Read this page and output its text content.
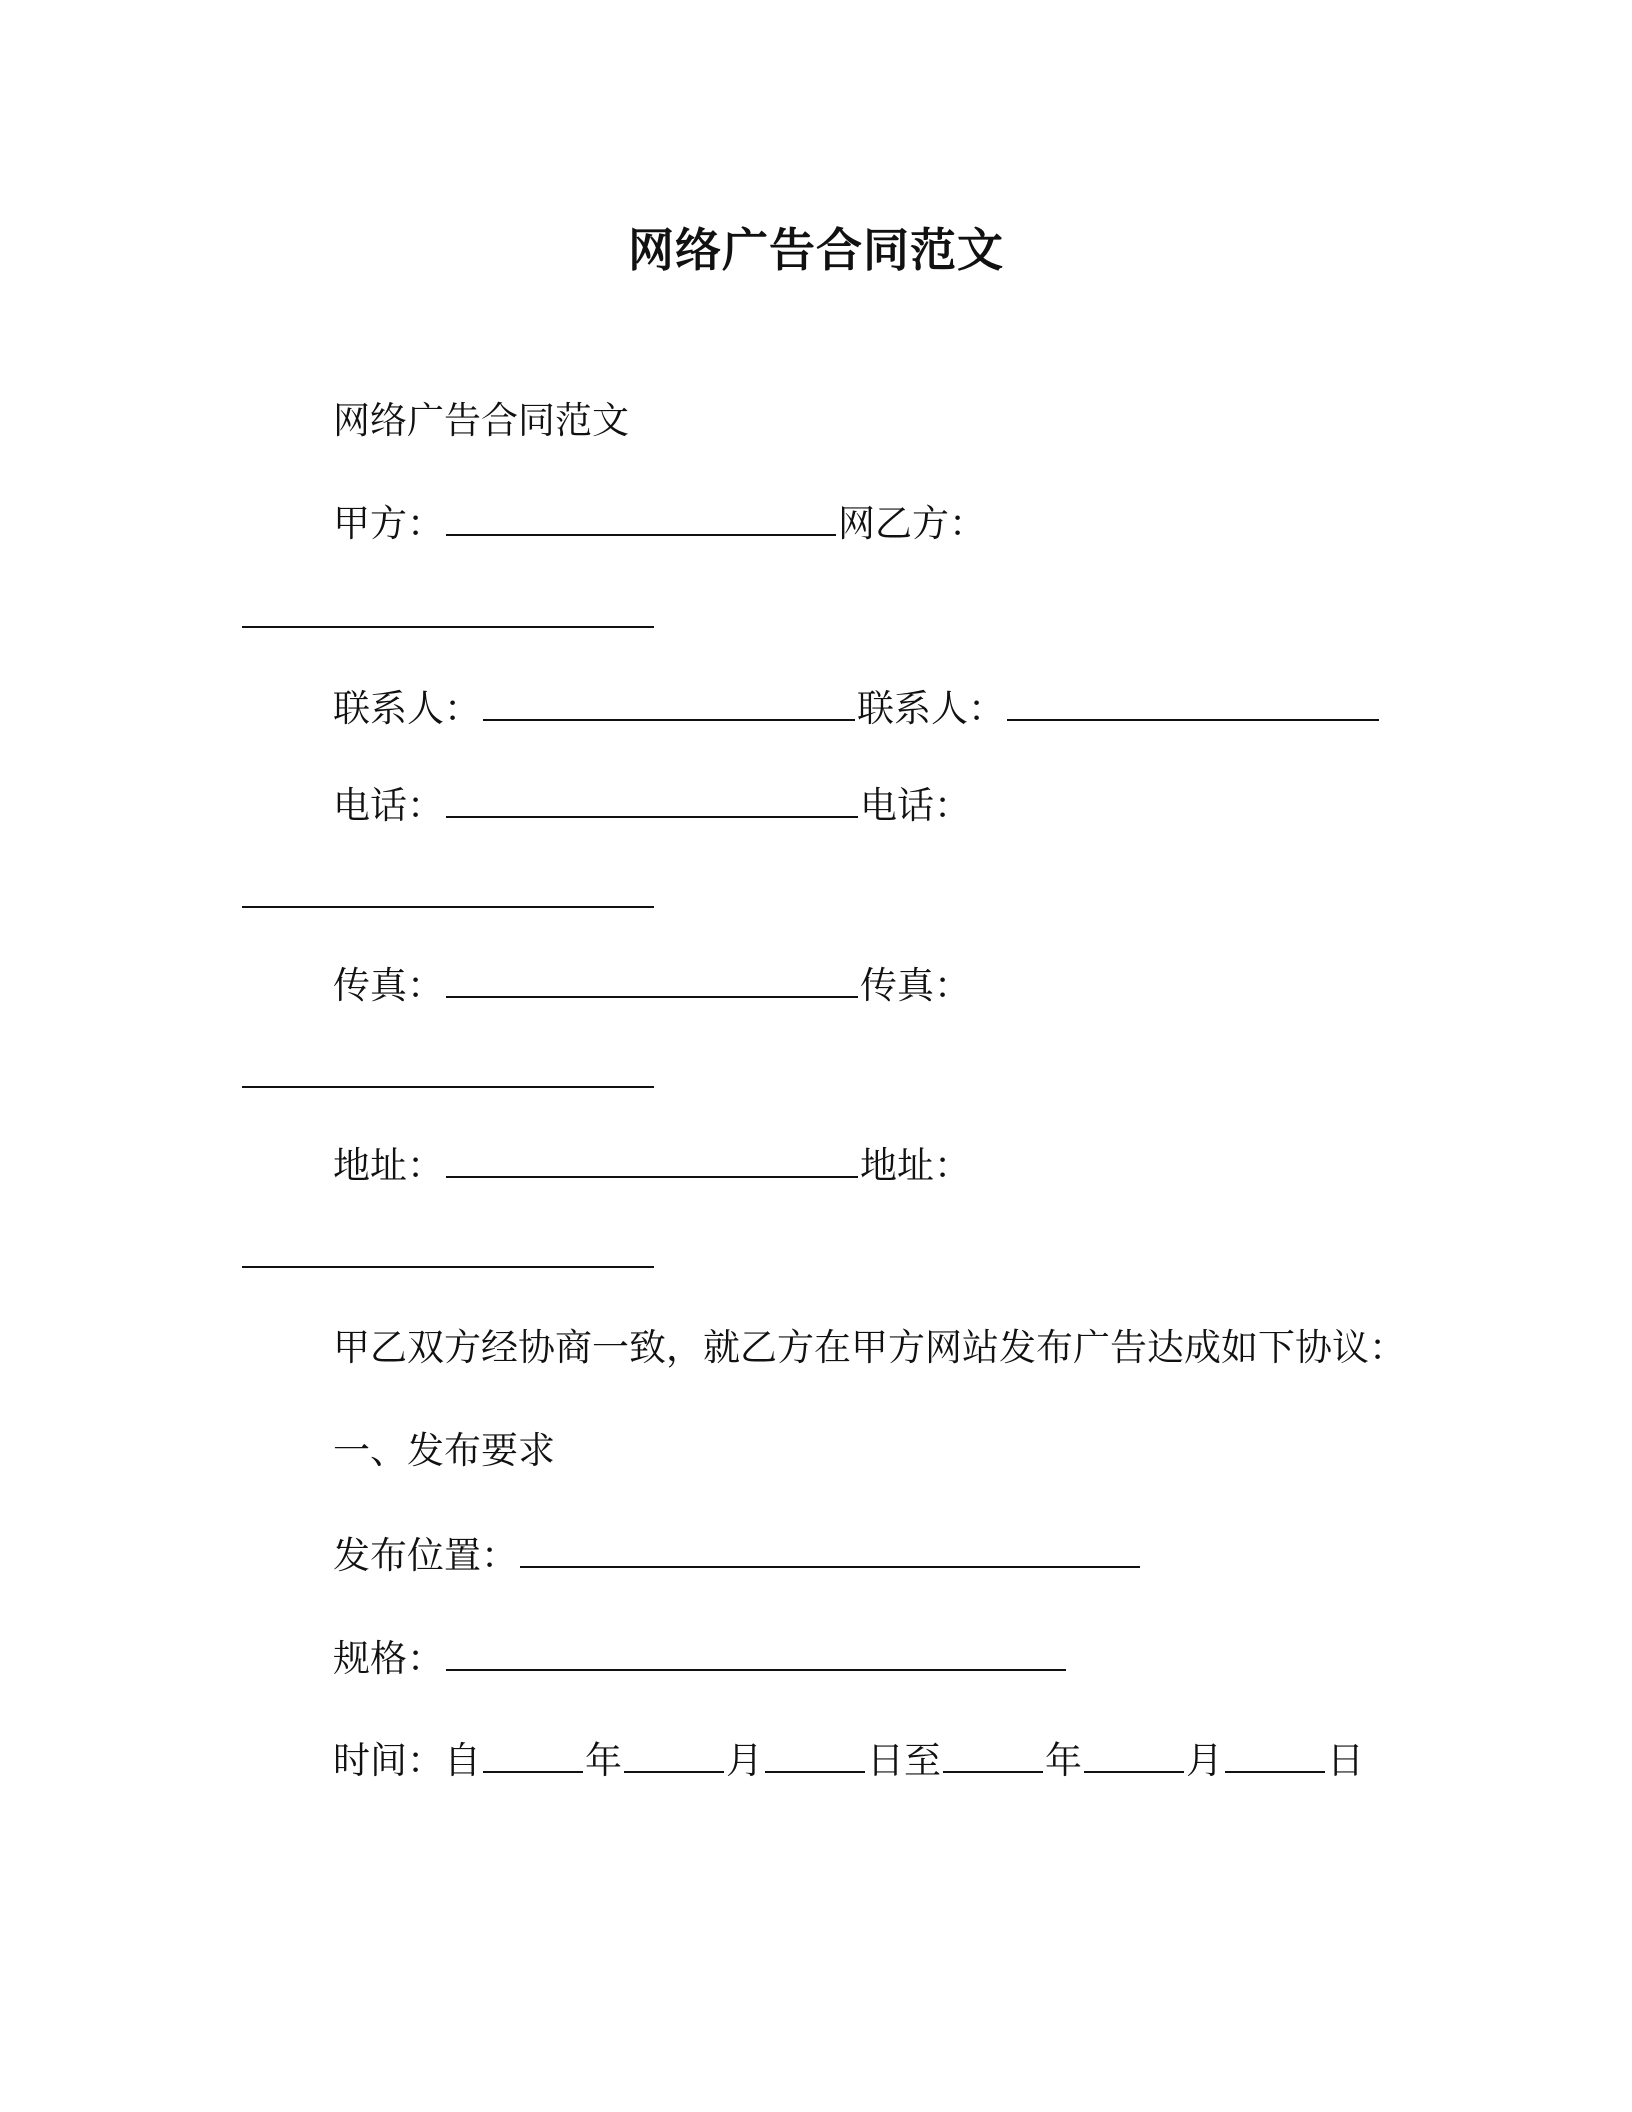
网络广告合同范文
网络广告合同范文
甲方：	网乙方：
联系人：	联系人：
电话：	电话：
传真：	传真：
地址：	地址：
甲乙双方经协商一致，就乙方在甲方网站发布广告达成如下协议：
一、发布要求
发布位置：
规格：
时间：自	年	月	日至	年	月	日
